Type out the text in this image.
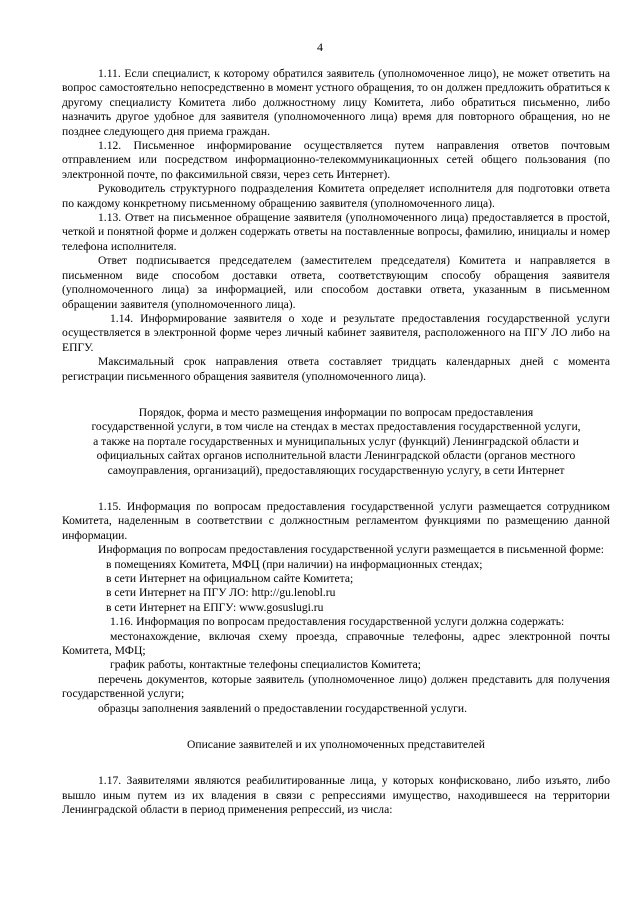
4

1.11. Если специалист, к которому обратился заявитель (уполномоченное лицо), не может ответить на вопрос самостоятельно непосредственно в момент устного обращения, то он должен предложить обратиться к другому специалисту Комитета либо должностному лицу Комитета, либо обратиться письменно, либо назначить другое удобное для заявителя (уполномоченного лица) время для повторного обращения, но не позднее следующего дня приема граждан.

1.12. Письменное информирование осуществляется путем направления ответов почтовым отправлением или посредством информационно-телекоммуникационных сетей общего пользования (по электронной почте, по факсимильной связи, через сеть Интернет).

Руководитель структурного подразделения Комитета определяет исполнителя для подготовки ответа по каждому конкретному письменному обращению заявителя (уполномоченного лица).

1.13. Ответ на письменное обращение заявителя (уполномоченного лица) предоставляется в простой, четкой и понятной форме и должен содержать ответы на поставленные вопросы, фамилию, инициалы и номер телефона исполнителя.

Ответ подписывается председателем (заместителем председателя) Комитета и направляется в письменном виде способом доставки ответа, соответствующим способу обращения заявителя (уполномоченного лица) за информацией, или способом доставки ответа, указанным в письменном обращении заявителя (уполномоченного лица).

1.14. Информирование заявителя о ходе и результате предоставления государственной услуги осуществляется в электронной форме через личный кабинет заявителя, расположенного на ПГУ ЛО либо на ЕПГУ.

Максимальный срок направления ответа составляет тридцать календарных дней с момента регистрации письменного обращения заявителя (уполномоченного лица).

Порядок, форма и место размещения информации по вопросам предоставления
государственной услуги, в том числе на стендах в местах предоставления государственной услуги,
а также на портале государственных и муниципальных услуг (функций) Ленинградской области и
официальных сайтах органов исполнительной власти Ленинградской области (органов местного
самоуправления, организаций), предоставляющих государственную услугу, в сети Интернет

1.15. Информация по вопросам предоставления государственной услуги размещается сотрудником Комитета, наделенным в соответствии с должностным регламентом функциями по размещению данной информации.

Информация по вопросам предоставления государственной услуги размещается в письменной форме:

в помещениях Комитета, МФЦ (при наличии) на информационных стендах;

в сети Интернет на официальном сайте Комитета;

в сети Интернет на ПГУ ЛО: http://gu.lenobl.ru

в сети Интернет на ЕПГУ: www.gosuslugi.ru

1.16. Информация по вопросам предоставления государственной услуги должна содержать:

местонахождение, включая схему проезда, справочные телефоны, адрес электронной почты Комитета, МФЦ;

график работы, контактные телефоны специалистов Комитета;

перечень документов, которые заявитель (уполномоченное лицо) должен представить для получения государственной услуги;

образцы заполнения заявлений о предоставлении государственной услуги.

Описание заявителей и их уполномоченных представителей

1.17. Заявителями являются реабилитированные лица, у которых конфисковано, либо изъято, либо вышло иным путем из их владения в связи с репрессиями имущество, находившееся на территории Ленинградской области в период применения репрессий, из числа:
